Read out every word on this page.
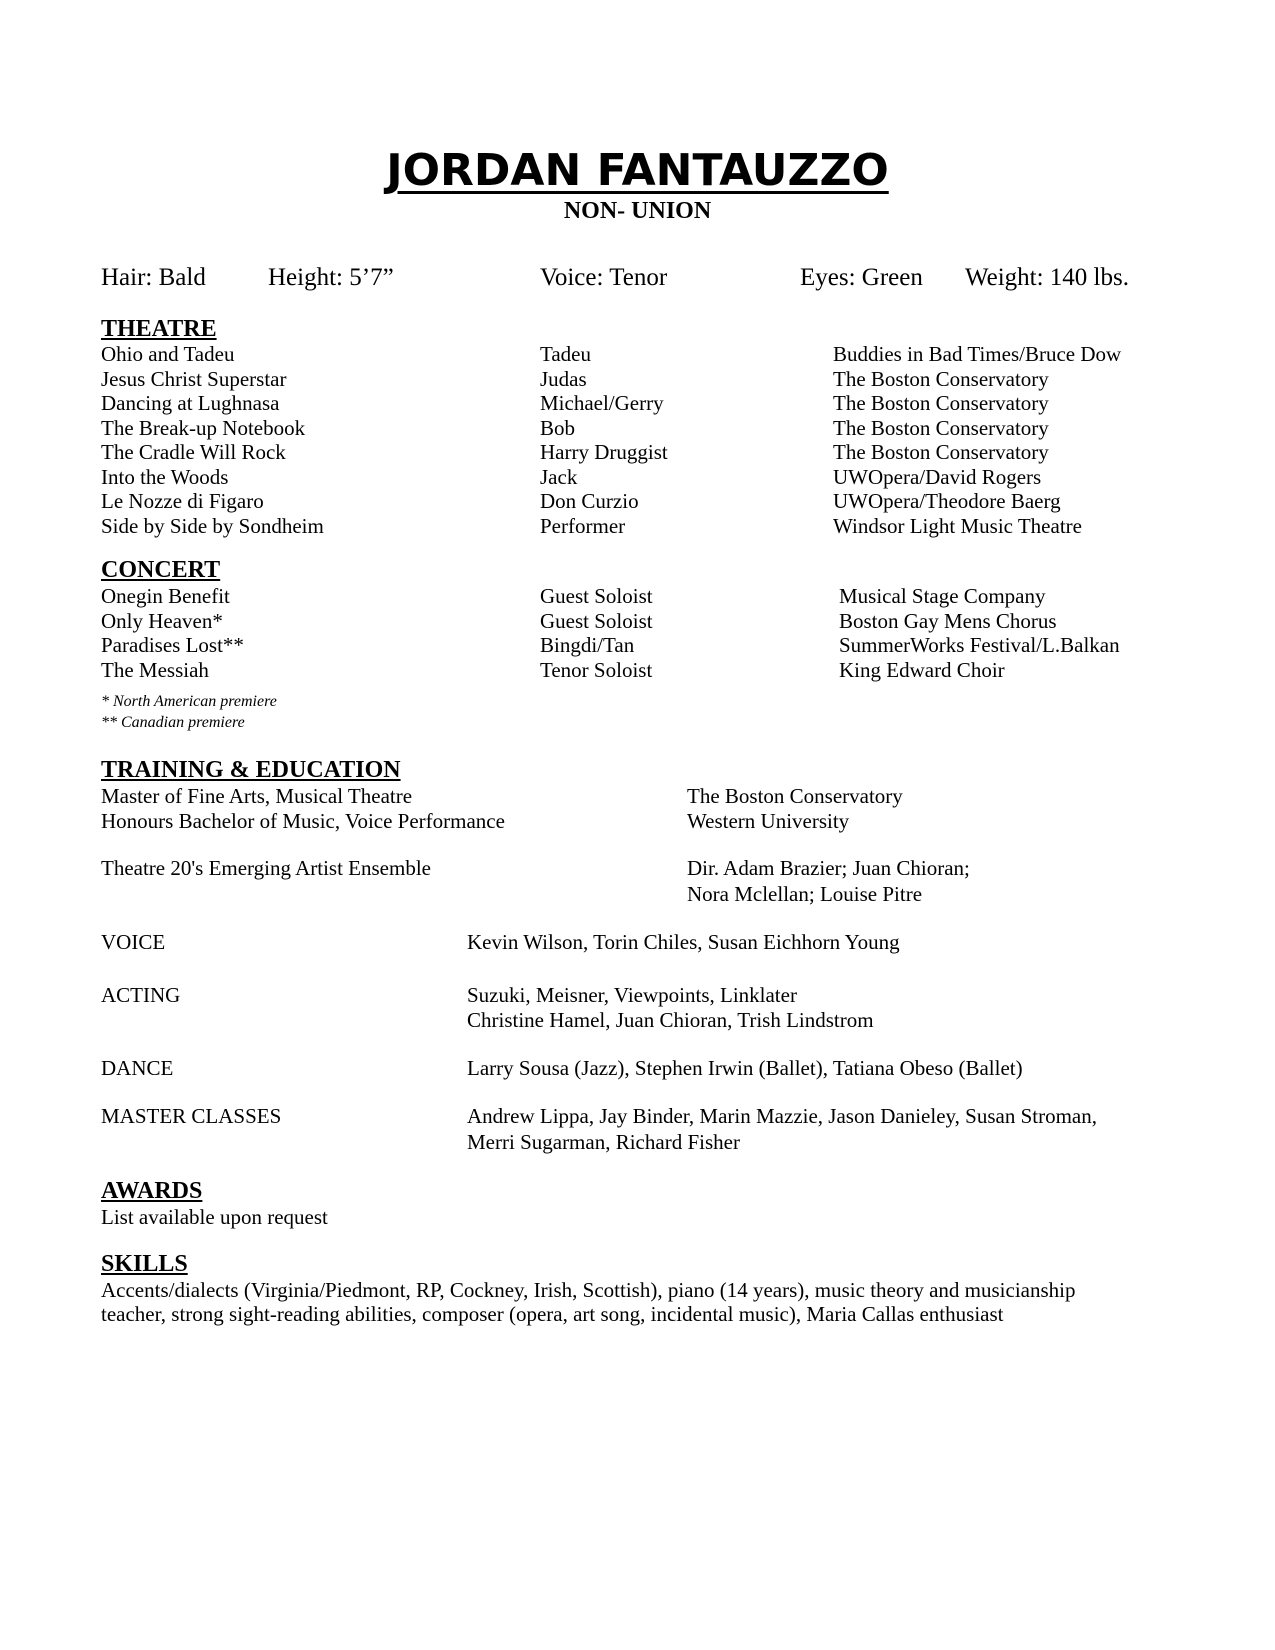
JORDAN FANTAUZZO
NON- UNION
Hair: Bald Height: 5’7”	Voice: Tenor	Eyes: Green Weight: 140 lbs.
THEATRE
Ohio and Tadeu	Tadeu	Buddies in Bad Times/Bruce Dow
Jesus Christ Superstar	Judas	The Boston Conservatory
Dancing at Lughnasa	Michael/Gerry	The Boston Conservatory
The Break-up Notebook	Bob	The Boston Conservatory
The Cradle Will Rock	Harry Druggist	The Boston Conservatory
Into the Woods	Jack	UWOpera/David Rogers
Le Nozze di Figaro	Don Curzio	UWOpera/Theodore Baerg
Side by Side by Sondheim	Performer	Windsor Light Music Theatre
CONCERT
Onegin Benefit	Guest Soloist	Musical Stage Company
Only Heaven*	Guest Soloist	Boston Gay Mens Chorus
Paradises Lost**	Bingdi/Tan	SummerWorks Festival/L.Balkan
The Messiah	Tenor Soloist	King Edward Choir
* North American premiere
** Canadian premiere
TRAINING & EDUCATION
Master of Fine Arts, Musical Theatre	The Boston Conservatory
Honours Bachelor of Music, Voice Performance	Western University
Theatre 20's Emerging Artist Ensemble	Dir. Adam Brazier; Juan Chioran;
Nora Mclellan; Louise Pitre
VOICE	Kevin Wilson, Torin Chiles, Susan Eichhorn Young
ACTING	Suzuki, Meisner, Viewpoints, Linklater
Christine Hamel, Juan Chioran, Trish Lindstrom
DANCE	Larry Sousa (Jazz), Stephen Irwin (Ballet), Tatiana Obeso (Ballet)
MASTER CLASSES	Andrew Lippa, Jay Binder, Marin Mazzie, Jason Danieley, Susan Stroman,
Merri Sugarman, Richard Fisher
AWARDS
List available upon request
SKILLS
Accents/dialects (Virginia/Piedmont, RP, Cockney, Irish, Scottish), piano (14 years), music theory and musicianship
teacher, strong sight-reading abilities, composer (opera, art song, incidental music), Maria Callas enthusiast
